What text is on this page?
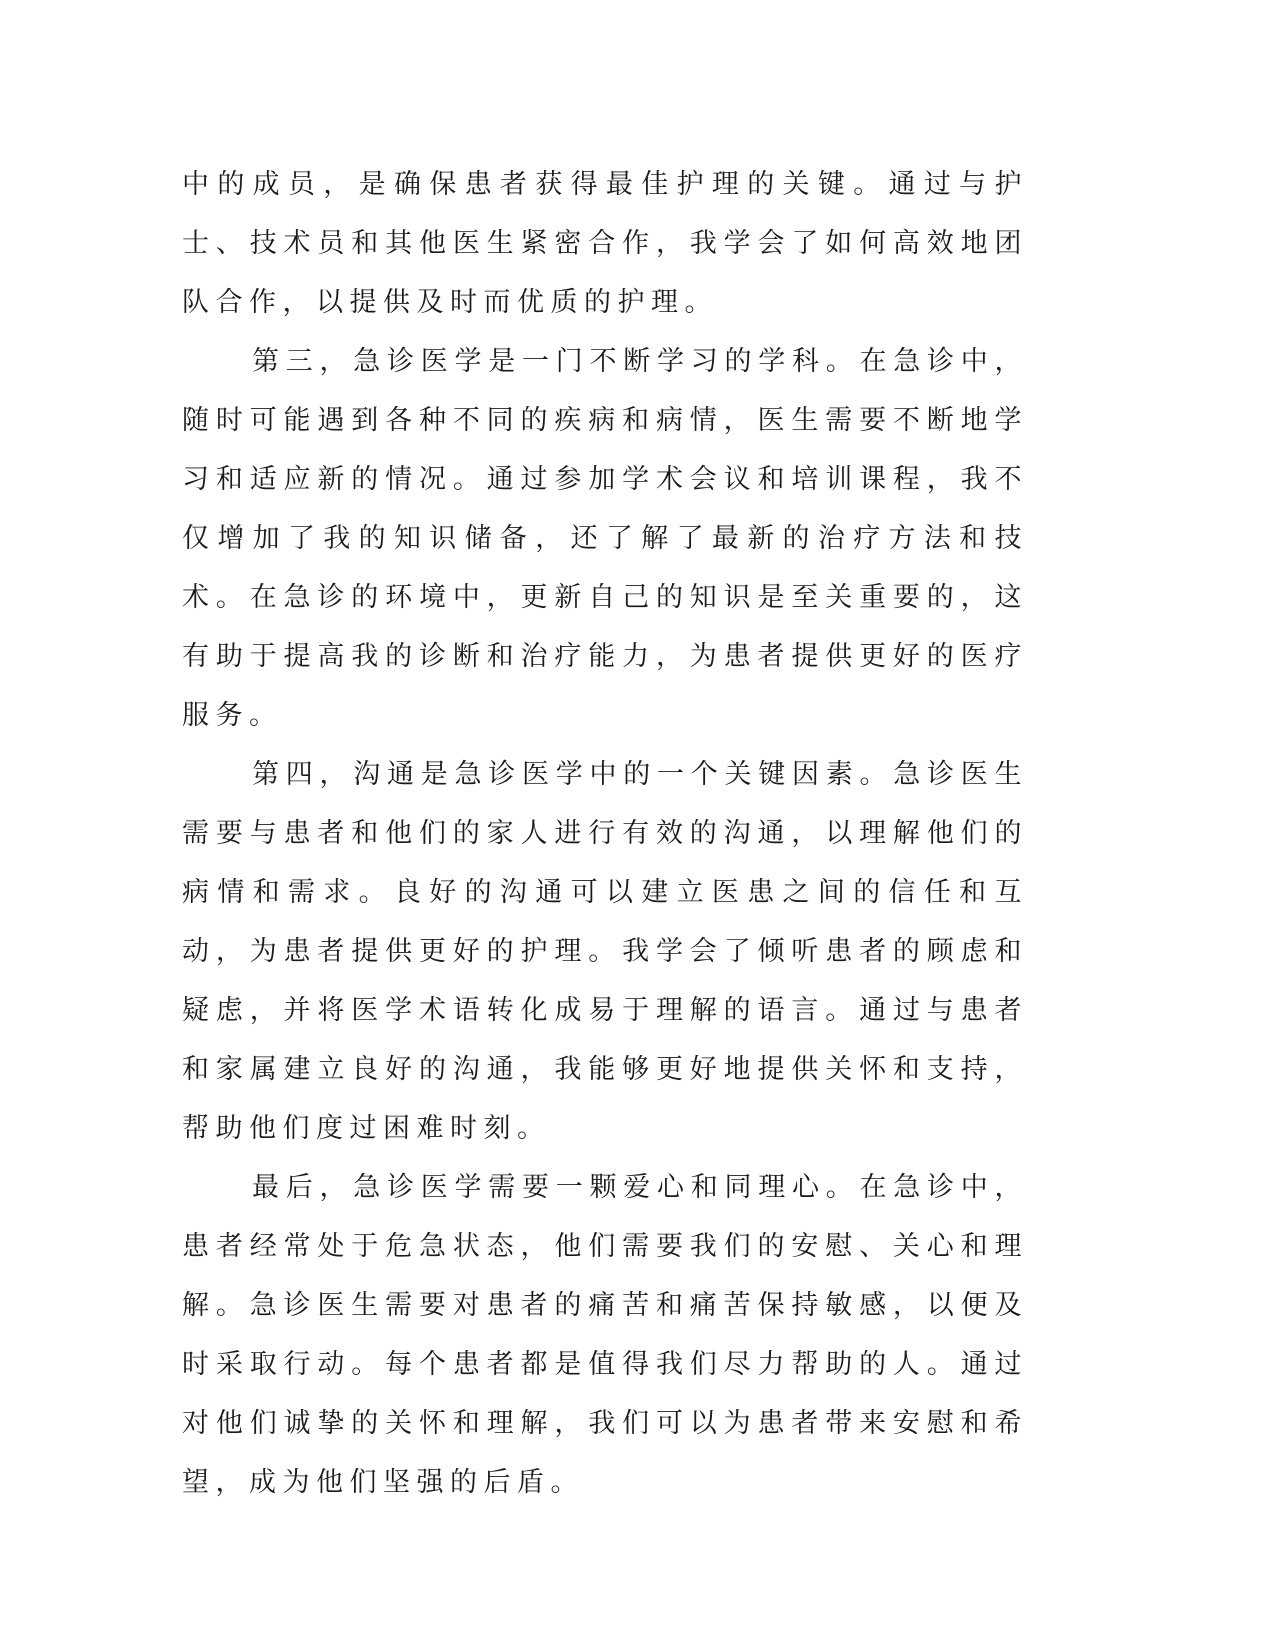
中的成员，是确保患者获得最佳护理的关键。通过与护士、技术员和其他医生紧密合作，我学会了如何高效地团队合作，以提供及时而优质的护理。

第三，急诊医学是一门不断学习的学科。在急诊中，随时可能遇到各种不同的疾病和病情，医生需要不断地学习和适应新的情况。通过参加学术会议和培训课程，我不仅增加了我的知识储备，还了解了最新的治疗方法和技术。在急诊的环境中，更新自己的知识是至关重要的，这有助于提高我的诊断和治疗能力，为患者提供更好的医疗服务。

第四，沟通是急诊医学中的一个关键因素。急诊医生需要与患者和他们的家人进行有效的沟通，以理解他们的病情和需求。良好的沟通可以建立医患之间的信任和互动，为患者提供更好的护理。我学会了倾听患者的顾虑和疑虑，并将医学术语转化成易于理解的语言。通过与患者和家属建立良好的沟通，我能够更好地提供关怀和支持，帮助他们度过困难时刻。

最后，急诊医学需要一颗爱心和同理心。在急诊中，患者经常处于危急状态，他们需要我们的安慰、关心和理解。急诊医生需要对患者的痛苦和痛苦保持敏感，以便及时采取行动。每个患者都是值得我们尽力帮助的人。通过对他们诚挚的关怀和理解，我们可以为患者带来安慰和希望，成为他们坚强的后盾。
